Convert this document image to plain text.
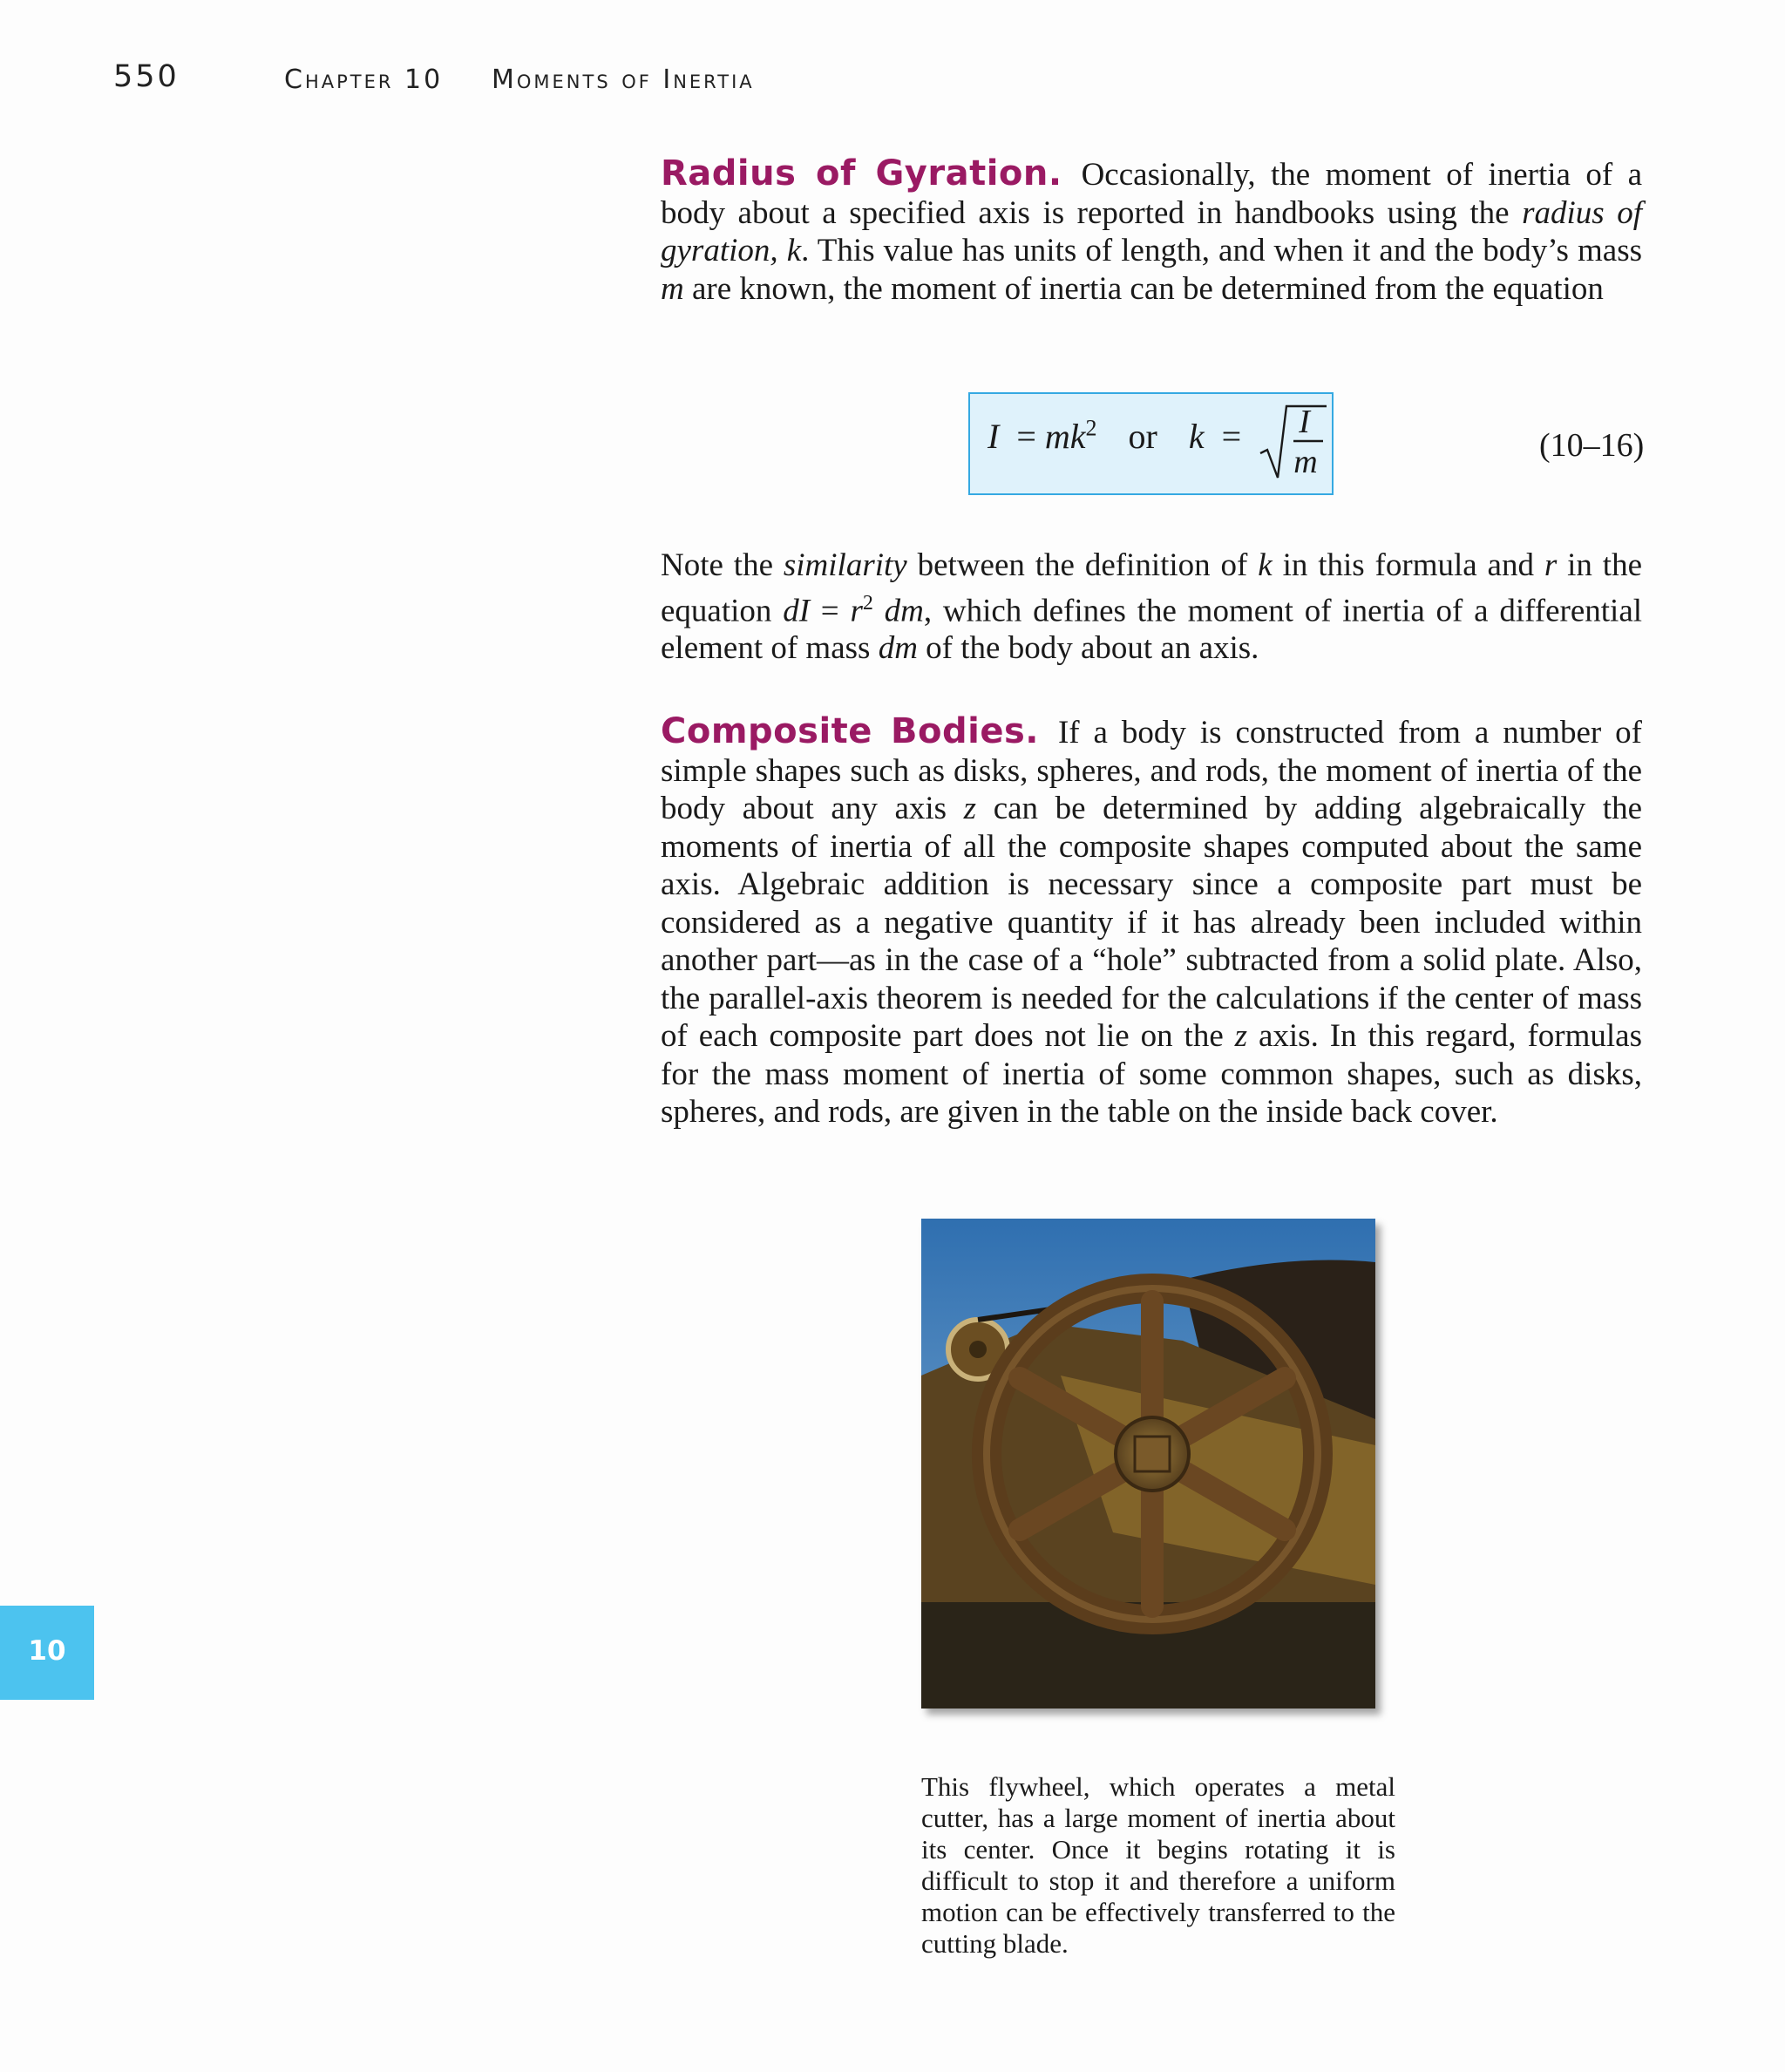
550	Chapter 10 Moments of Inertia

Radius of Gyration. Occasionally, the moment of inertia of a body about a specified axis is reported in handbooks using the radius of gyration, k. This value has units of length, and when it and the body’s mass m are known, the moment of inertia can be determined from the equation

$I = mk^2$ or k = I
m	(10–16)

Note the similarity between the definition of k in this formula and r in the equation dI = $r^2$ dm, which defines the moment of inertia of a differential element of mass dm of the body about an axis.

Composite Bodies. If a body is constructed from a number of simple shapes such as disks, spheres, and rods, the moment of inertia of the body about any axis z can be determined by adding algebraically the moments of inertia of all the composite shapes computed about the same axis. Algebraic addition is necessary since a composite part must be considered as a negative quantity if it has already been included within another part—as in the case of a “hole” subtracted from a solid plate. Also, the parallel-axis theorem is needed for the calculations if the center of mass of each composite part does not lie on the z axis. In this regard, formulas for the mass moment of inertia of some common shapes, such as disks, spheres, and rods, are given in the table on the inside back cover.

10
This flywheel, which operates a metal cutter, has a large moment of inertia about its center. Once it begins rotating it is difficult to stop it and therefore a uniform motion can be effectively transferred to the cutting blade.
